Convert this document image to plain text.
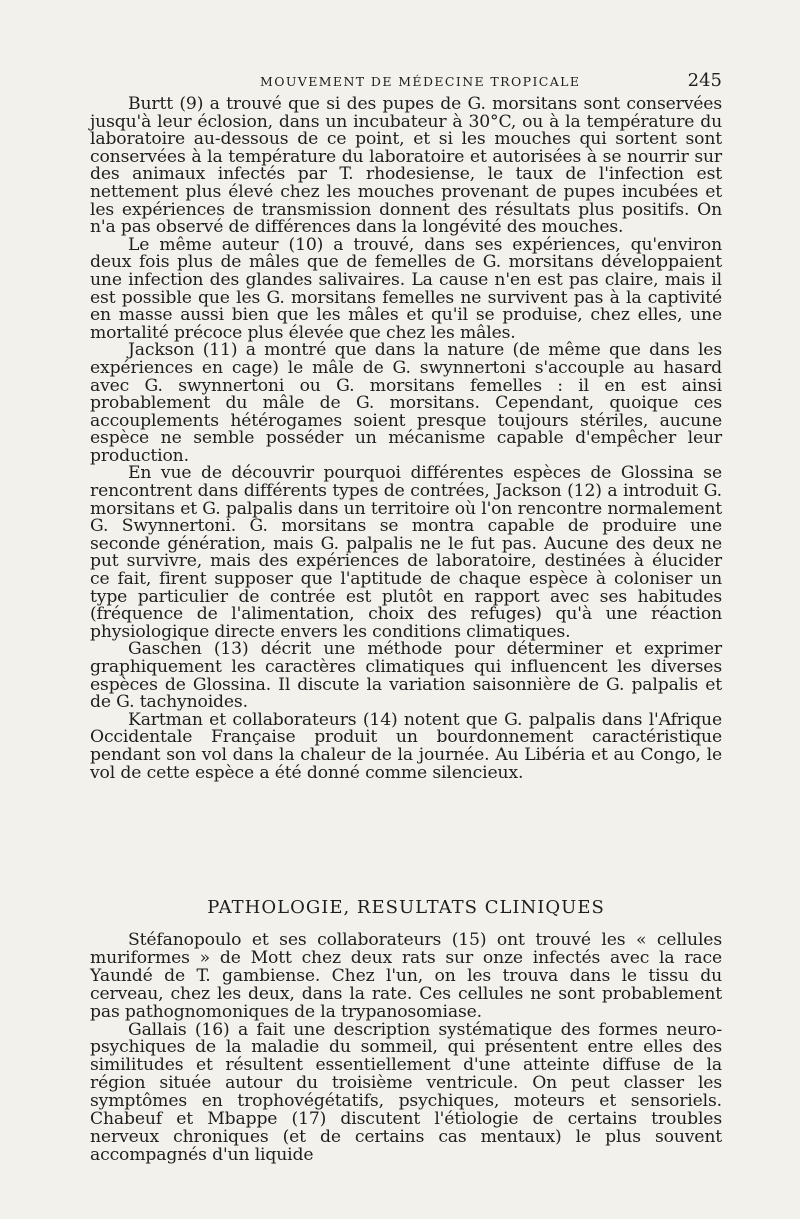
MOUVEMENT DE MÉDECINE TROPICALE	245

Burtt (9) a trouvé que si des pupes de G. morsitans sont conservées jusqu'à leur éclosion, dans un incubateur à 30°C, ou à la température du laboratoire au-dessous de ce point, et si les mouches qui sortent sont conservées à la température du laboratoire et autorisées à se nourrir sur des animaux infectés par T. rhodesiense, le taux de l'infection est nettement plus élevé chez les mouches provenant de pupes incubées et les expériences de transmission donnent des résultats plus positifs. On n'a pas observé de différences dans la longévité des mouches.

Le même auteur (10) a trouvé, dans ses expériences, qu'environ deux fois plus de mâles que de femelles de G. morsitans développaient une infection des glandes salivaires. La cause n'en est pas claire, mais il est possible que les G. morsitans femelles ne survivent pas à la captivité en masse aussi bien que les mâles et qu'il se produise, chez elles, une mortalité précoce plus élevée que chez les mâles.

Jackson (11) a montré que dans la nature (de même que dans les expériences en cage) le mâle de G. swynnertoni s'accouple au hasard avec G. swynnertoni ou G. morsitans femelles : il en est ainsi probablement du mâle de G. morsitans. Cependant, quoique ces accouplements hétérogames soient presque toujours stériles, aucune espèce ne semble posséder un mécanisme capable d'empêcher leur production.

En vue de découvrir pourquoi différentes espèces de Glossina se rencontrent dans différents types de contrées, Jackson (12) a introduit G. morsitans et G. palpalis dans un territoire où l'on rencontre normalement G. Swynnertoni. G. morsitans se montra capable de produire une seconde génération, mais G. palpalis ne le fut pas. Aucune des deux ne put survivre, mais des expériences de laboratoire, destinées à élucider ce fait, firent supposer que l'aptitude de chaque espèce à coloniser un type particulier de contrée est plutôt en rapport avec ses habitudes (fréquence de l'alimentation, choix des refuges) qu'à une réaction physiologique directe envers les conditions climatiques.

Gaschen (13) décrit une méthode pour déterminer et exprimer graphiquement les caractères climatiques qui influencent les diverses espèces de Glossina. Il discute la variation saisonnière de G. palpalis et de G. tachynoides.

Kartman et collaborateurs (14) notent que G. palpalis dans l'Afrique Occidentale Française produit un bourdonnement caractéristique pendant son vol dans la chaleur de la journée. Au Libéria et au Congo, le vol de cette espèce a été donné comme silencieux.

PATHOLOGIE, RESULTATS CLINIQUES

Stéfanopoulo et ses collaborateurs (15) ont trouvé les « cellules muriformes » de Mott chez deux rats sur onze infectés avec la race Yaundé de T. gambiense. Chez l'un, on les trouva dans le tissu du cerveau, chez les deux, dans la rate. Ces cellules ne sont probablement pas pathognomoniques de la trypanosomiase.

Gallais (16) a fait une description systématique des formes neuro-psychiques de la maladie du sommeil, qui présentent entre elles des similitudes et résultent essentiellement d'une atteinte diffuse de la région située autour du troisième ventricule. On peut classer les symptômes en trophovégétatifs, psychiques, moteurs et sensoriels. Chabeuf et Mbappe (17) discutent l'étiologie de certains troubles nerveux chroniques (et de certains cas mentaux) le plus souvent accompagnés d'un liquide
